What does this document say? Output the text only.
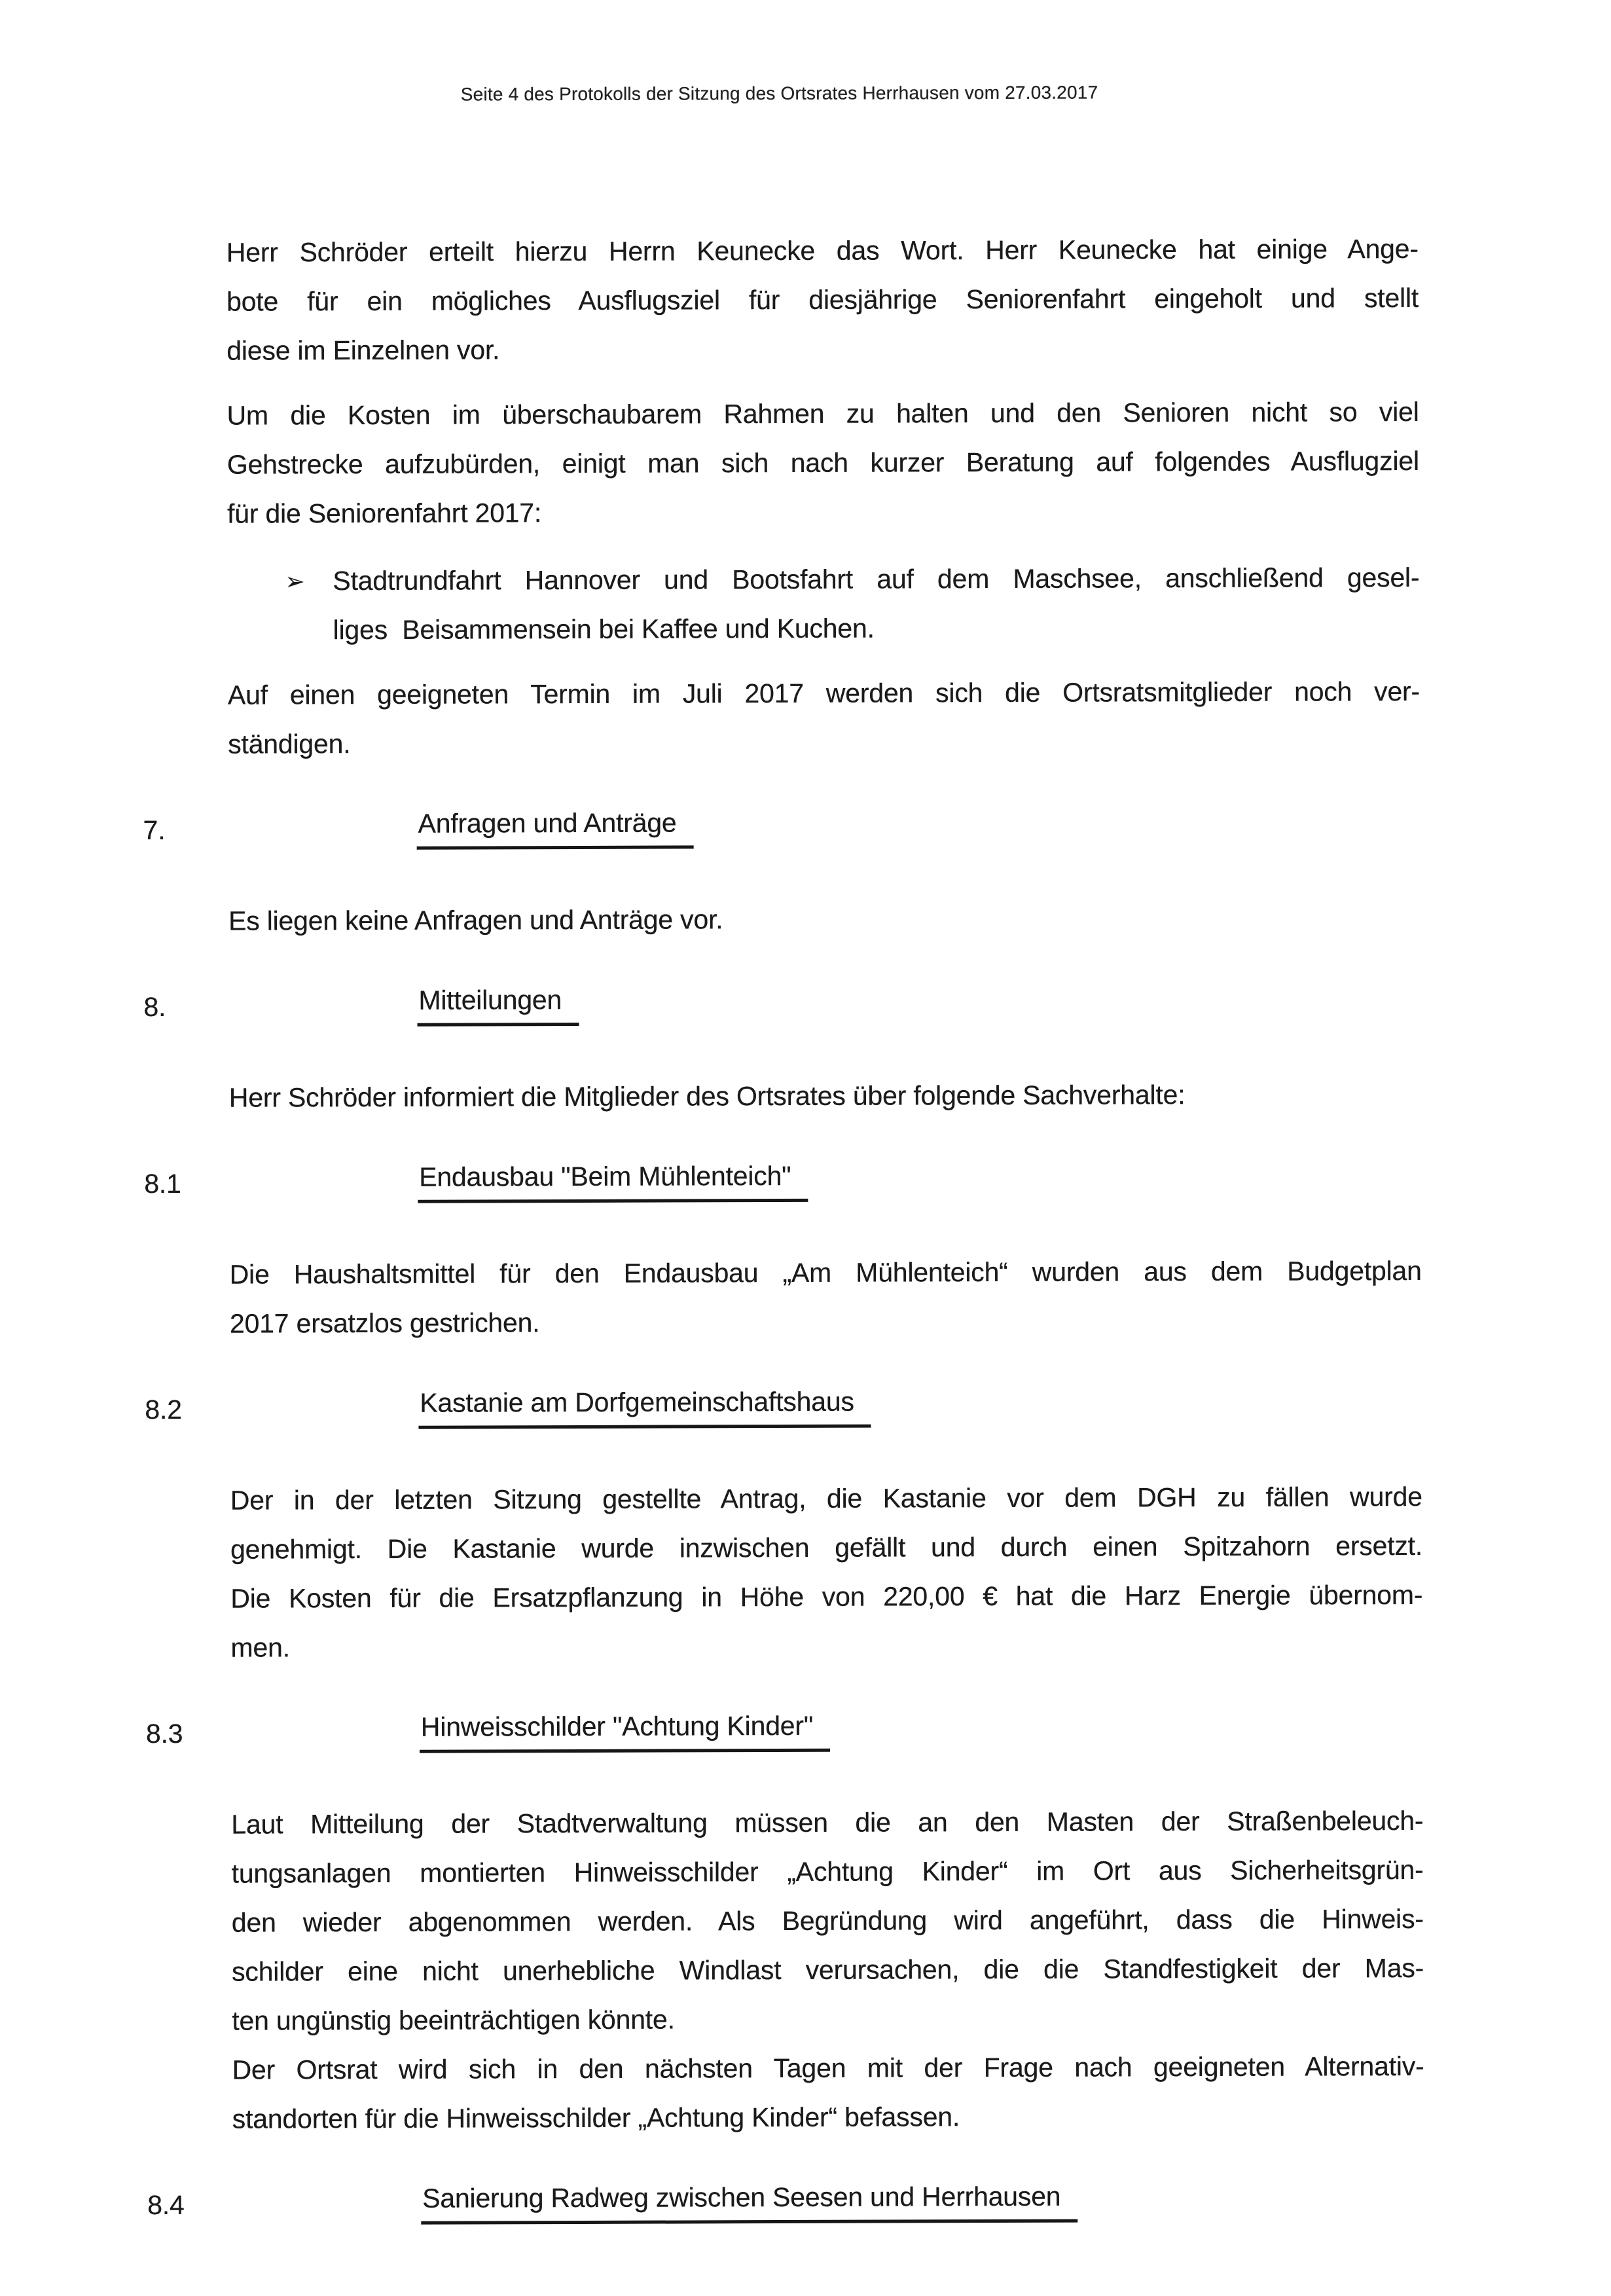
Seite 4 des Protokolls der Sitzung des Ortsrates Herrhausen vom 27.03.2017
Herr Schröder erteilt hierzu Herrn Keunecke das Wort. Herr Keunecke hat einige Ange-
bote für ein mögliches Ausflugsziel für diesjährige Seniorenfahrt eingeholt und stellt
diese im Einzelnen vor.
Um die Kosten im überschaubarem Rahmen zu halten und den Senioren nicht so viel
Gehstrecke aufzubürden, einigt man sich nach kurzer Beratung auf folgendes Ausflugziel
für die Seniorenfahrt 2017:
➢	Stadtrundfahrt Hannover und Bootsfahrt auf dem Maschsee, anschließend gesel-
liges  Beisammensein bei Kaffee und Kuchen.
Auf einen geeigneten Termin im Juli 2017 werden sich die Ortsratsmitglieder noch ver-
ständigen.
7.	Anfragen und Anträge
Es liegen keine Anfragen und Anträge vor.
8.	Mitteilungen
Herr Schröder informiert die Mitglieder des Ortsrates über folgende Sachverhalte:
8.1	Endausbau "Beim Mühlenteich"
Die Haushaltsmittel für den Endausbau „Am Mühlenteich“ wurden aus dem Budgetplan
2017 ersatzlos gestrichen.
8.2	Kastanie am Dorfgemeinschaftshaus
Der in der letzten Sitzung gestellte Antrag, die Kastanie vor dem DGH zu fällen wurde
genehmigt. Die Kastanie wurde inzwischen gefällt und durch einen Spitzahorn ersetzt.
Die Kosten für die Ersatzpflanzung in Höhe von 220,00 € hat die Harz Energie übernom-
men.
8.3	Hinweisschilder "Achtung Kinder"
Laut Mitteilung der Stadtverwaltung müssen die an den Masten der Straßenbeleuch-
tungsanlagen montierten Hinweisschilder „Achtung Kinder“ im Ort aus Sicherheitsgrün-
den wieder abgenommen werden. Als Begründung wird angeführt, dass die Hinweis-
schilder eine nicht unerhebliche Windlast verursachen, die die Standfestigkeit der Mas-
ten ungünstig beeinträchtigen könnte.
Der Ortsrat wird sich in den nächsten Tagen mit der Frage nach geeigneten Alternativ-
standorten für die Hinweisschilder „Achtung Kinder“ befassen.
8.4	Sanierung Radweg zwischen Seesen und Herrhausen
